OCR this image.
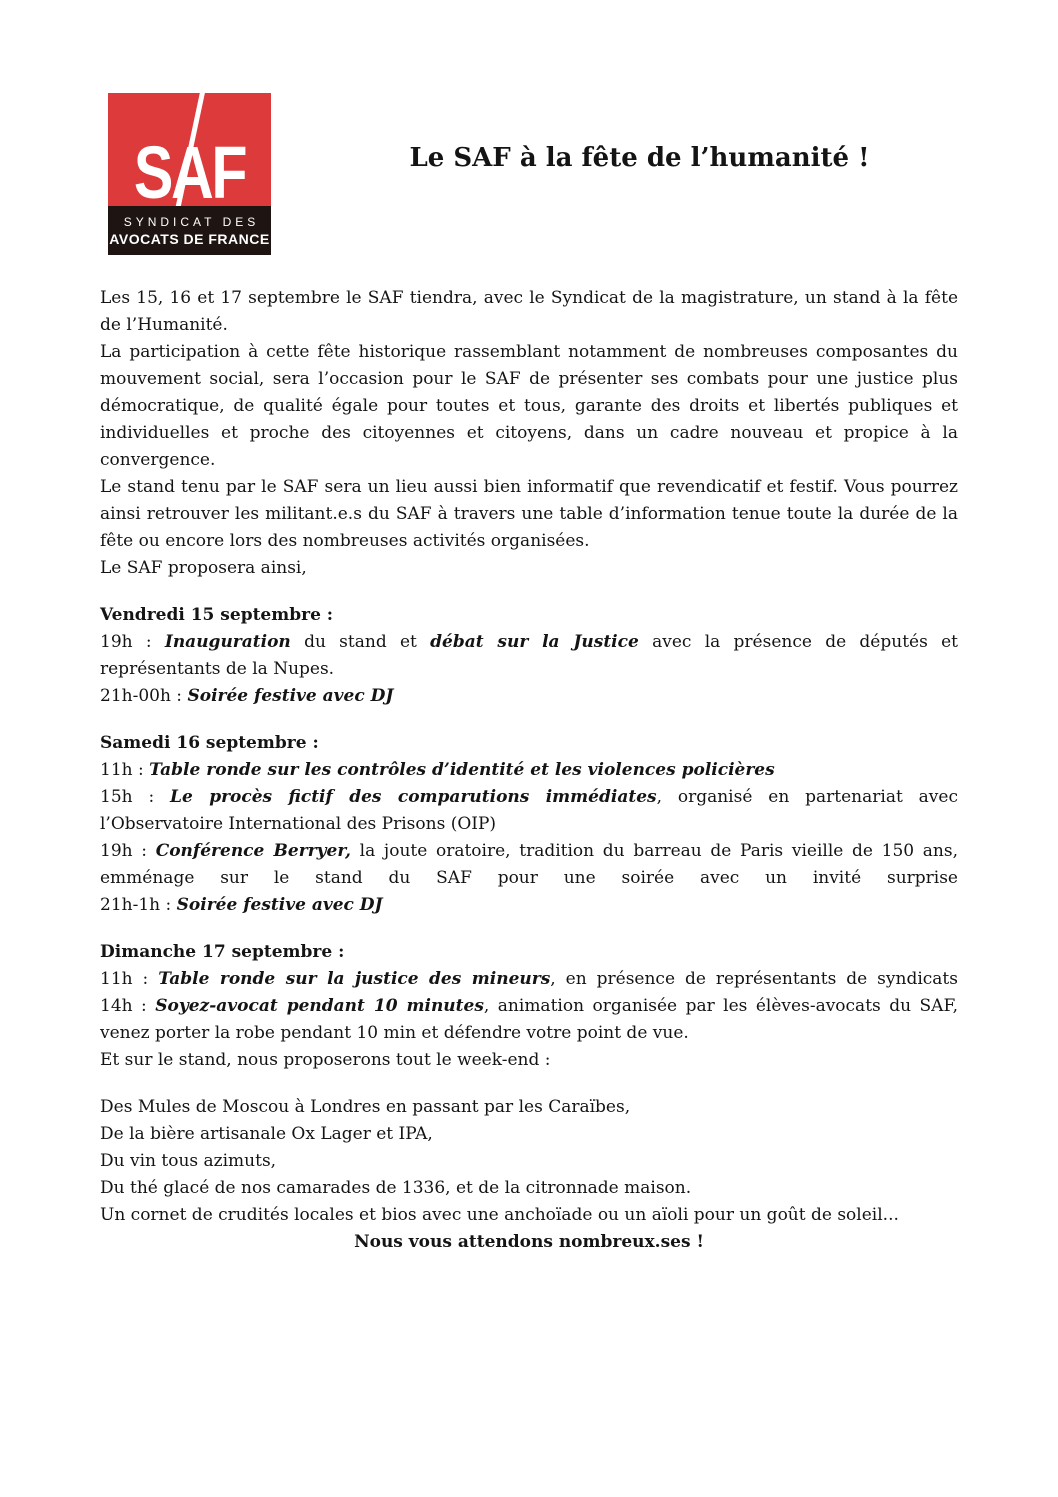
SAF
SYNDICAT DES
AVOCATS DE FRANCE
Le SAF à la fête de l’humanité !

Les 15, 16 et 17 septembre le SAF tiendra, avec le Syndicat de la magistrature, un stand à la fête de l’Humanité.

La participation à cette fête historique rassemblant notamment de nombreuses composantes du mouvement social, sera l’occasion pour le SAF de présenter ses combats pour une justice plus démocratique, de qualité égale pour toutes et tous, garante des droits et libertés publiques et individuelles et proche des citoyennes et citoyens, dans un cadre nouveau et propice à la convergence.

Le stand tenu par le SAF sera un lieu aussi bien informatif que revendicatif et festif. Vous pourrez ainsi retrouver les militant.e.s du SAF à travers une table d’information tenue toute la durée de la fête ou encore lors des nombreuses activités organisées.

Le SAF proposera ainsi,

Vendredi 15 septembre :

19h : Inauguration du stand et débat sur la Justice avec la présence de députés et représentants de la Nupes.

21h-00h : Soirée festive avec DJ

Samedi 16 septembre :

11h : Table ronde sur les contrôles d’identité et les violences policières

15h : Le procès fictif des comparutions immédiates, organisé en partenariat avec l’Observatoire International des Prisons (OIP)

19h : Conférence Berryer, la joute oratoire, tradition du barreau de Paris vieille de 150 ans, emménage sur le stand du SAF pour une soirée avec un invité surprise

21h-1h : Soirée festive avec DJ

Dimanche 17 septembre :

11h : Table ronde sur la justice des mineurs, en présence de représentants de syndicats

14h : Soyez-avocat pendant 10 minutes, animation organisée par les élèves-avocats du SAF, venez porter la robe pendant 10 min et défendre votre point de vue.

Et sur le stand, nous proposerons tout le week-end :

Des Mules de Moscou à Londres en passant par les Caraïbes,

De la bière artisanale Ox Lager et IPA,

Du vin tous azimuts,

Du thé glacé de nos camarades de 1336, et de la citronnade maison.

Un cornet de crudités locales et bios avec une anchoïade ou un aïoli pour un goût de soleil...

Nous vous attendons nombreux.ses !
